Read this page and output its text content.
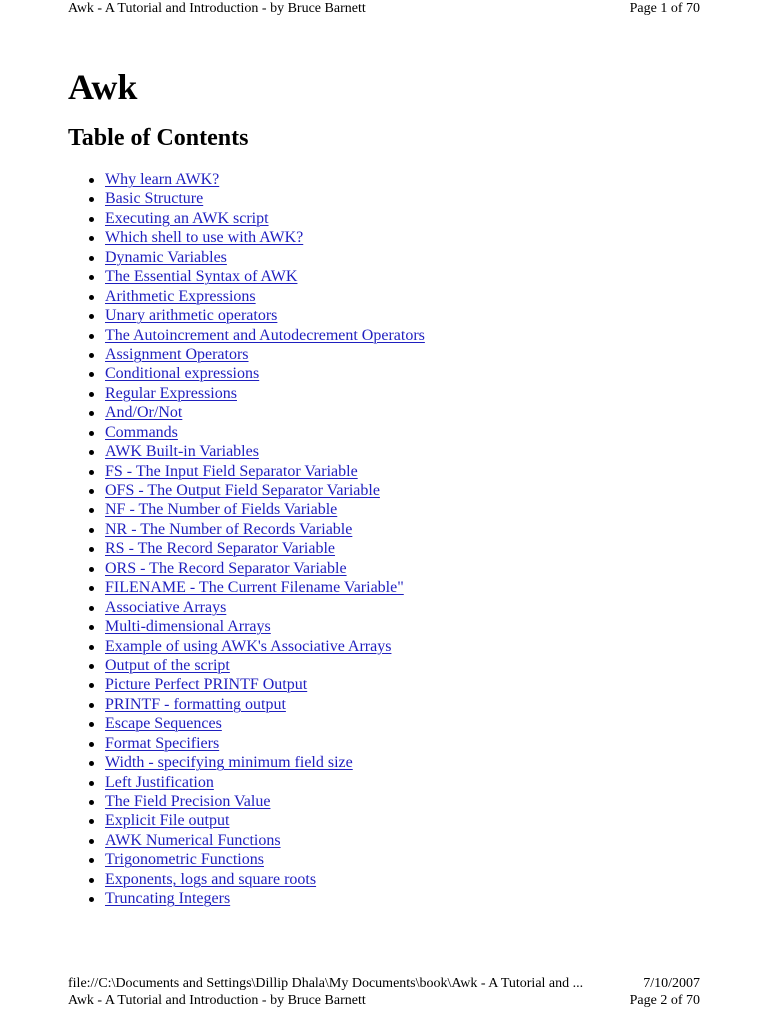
Awk - A Tutorial and Introduction - by Bruce Barnett	Page 1 of 70
Awk
Table of Contents
Why learn AWK?
Basic Structure
Executing an AWK script
Which shell to use with AWK?
Dynamic Variables
The Essential Syntax of AWK
Arithmetic Expressions
Unary arithmetic operators
The Autoincrement and Autodecrement Operators
Assignment Operators
Conditional expressions
Regular Expressions
And/Or/Not
Commands
AWK Built-in Variables
FS - The Input Field Separator Variable
OFS - The Output Field Separator Variable
NF - The Number of Fields Variable
NR - The Number of Records Variable
RS - The Record Separator Variable
ORS - The Record Separator Variable
FILENAME - The Current Filename Variable"
Associative Arrays
Multi-dimensional Arrays
Example of using AWK's Associative Arrays
Output of the script
Picture Perfect PRINTF Output
PRINTF - formatting output
Escape Sequences
Format Specifiers
Width - specifying minimum field size
Left Justification
The Field Precision Value
Explicit File output
AWK Numerical Functions
Trigonometric Functions
Exponents, logs and square roots
Truncating Integers
file://C:\Documents and Settings\Dillip Dhala\My Documents\book\Awk - A Tutorial and ...	7/10/2007
Awk - A Tutorial and Introduction - by Bruce Barnett	Page 2 of 70
